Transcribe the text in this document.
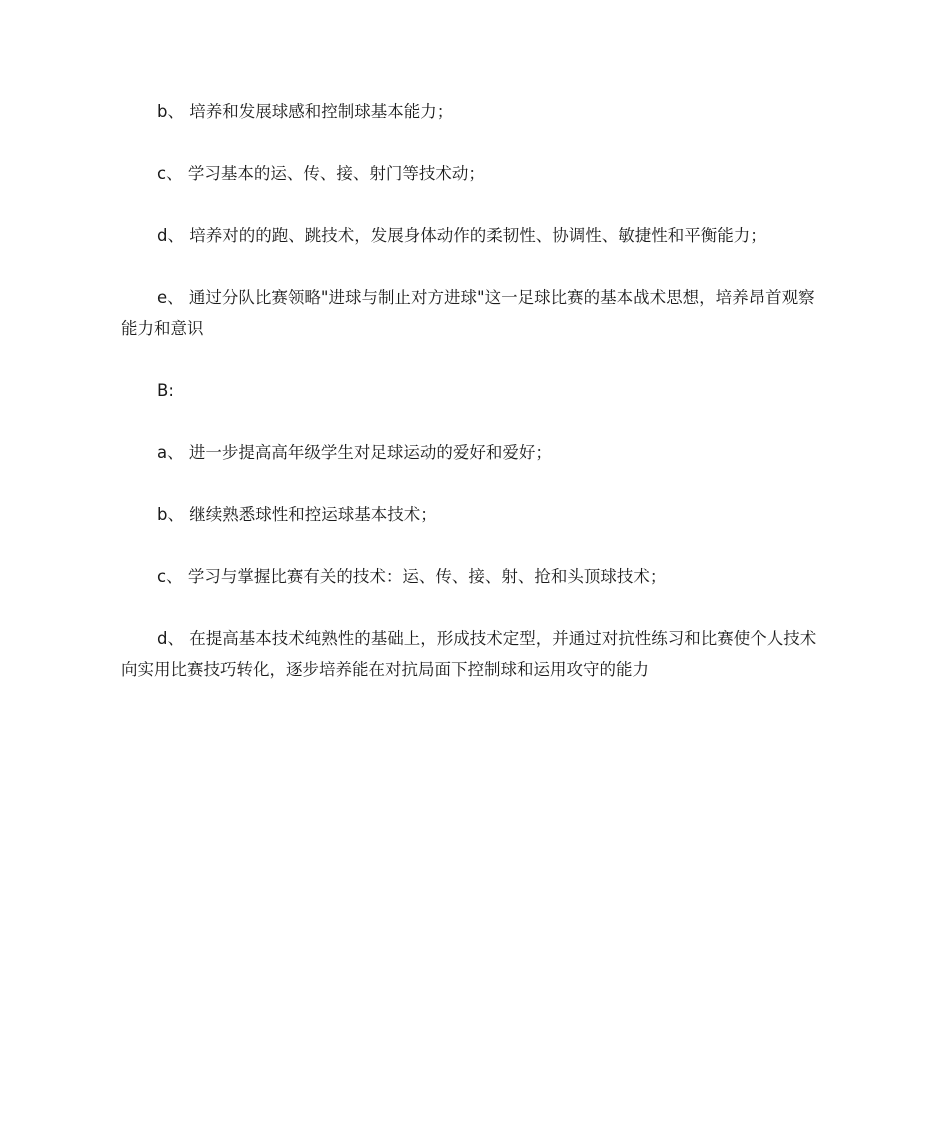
b、 培养和发展球感和控制球基本能力；

c、 学习基本的运、传、接、射门等技术动；

d、 培养对的的跑、跳技术，发展身体动作的柔韧性、协调性、敏捷性和平衡能力；

e、 通过分队比赛领略"进球与制止对方进球"这一足球比赛的基本战术思想，培养昂首观察能力和意识

B:

a、 进一步提高高年级学生对足球运动的爱好和爱好；

b、 继续熟悉球性和控运球基本技术；

c、 学习与掌握比赛有关的技术：运、传、接、射、抢和头顶球技术；

d、 在提高基本技术纯熟性的基础上，形成技术定型，并通过对抗性练习和比赛使个人技术向实用比赛技巧转化，逐步培养能在对抗局面下控制球和运用攻守的能力
